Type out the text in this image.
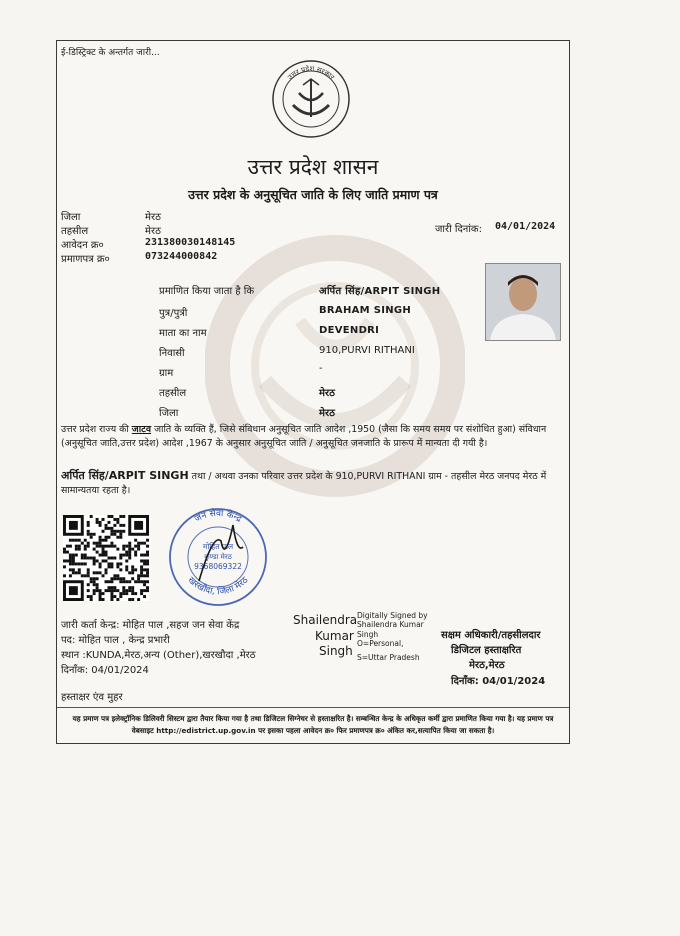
ई-डिस्ट्रिक्ट के अन्तर्गत जारी...
उत्तर प्रदेश सरकार
उत्तर प्रदेश शासन
उत्तर प्रदेश के अनुसूचित जाति के लिए जाति प्रमाण पत्र
जिला	मेरठ
तहसील	मेरठ
आवेदन क्र०	231380030148145
प्रमाणपत्र क्र०	073244000842
जारी दिनांक: 04/01/2024
प्रमाणित किया जाता है कि	अर्पित सिंह/ARPIT SINGH
पुत्र/पुत्री	BRAHAM SINGH
माता का नाम	DEVENDRI
निवासी	910,PURVI RITHANI
ग्राम	-
तहसील	मेरठ
जिला	मेरठ
उत्तर प्रदेश राज्य की जाटव जाति के व्यक्ति हैं, जिसे संविधान अनुसूचित जाति आदेश ,1950 (जैसा कि समय समय पर संशोधित हुआ) संविधान (अनुसूचित जाति,उत्तर प्रदेश) आदेश ,1967 के अनुसार अनुसूचित जाति / अनुसूचित जनजाति के प्रारूप में मान्यता दी गयी है।
अर्पित सिंह/ARPIT SINGH तथा / अथवा उनका परिवार उत्तर प्रदेश के 910,PURVI RITHANI ग्राम - तहसील मेरठ जनपद मेरठ में सामान्यतया रहता है।
जन सेवा केन्द्र
खरखौदा, जिला मेरठ
मोहित पाल
कुण्डा मेरठ
9368069322
जारी कर्ता केन्द्र: मोहित पाल ,सहज जन सेवा केंद्र
पद: मोहित पाल , केन्द्र प्रभारी
स्थान :KUNDA,मेरठ,अन्य (Other),खरखौदा ,मेरठ
दिनाँक: 04/01/2024
Shailendra
Kumar
Singh
Digitally Signed by
Shailendra Kumar
Singh
O=Personal,
S=Uttar Pradesh
सक्षम अधिकारी/तहसीलदार
डिजिटल हस्ताक्षरित
मेरठ,मेरठ
दिनाँक: 04/01/2024
हस्ताक्षर एंव मुहर
यह प्रमाण पत्र इलेक्ट्रॉनिक डिलिवरी सिस्टम द्वारा तैयार किया गया है तथा डिजिटल सिग्नेचर से हस्ताक्षरित है। सम्बन्धित केन्द्र के अधिकृत कर्मी द्वारा प्रमाणित किया गया है। यह प्रमाण पत्र वेबसाइट http://edistrict.up.gov.in पर इसका पहला आवेदन क्र० फिर प्रमाणपत्र क्र० अंकित कर,सत्यापित किया जा सकता है।
